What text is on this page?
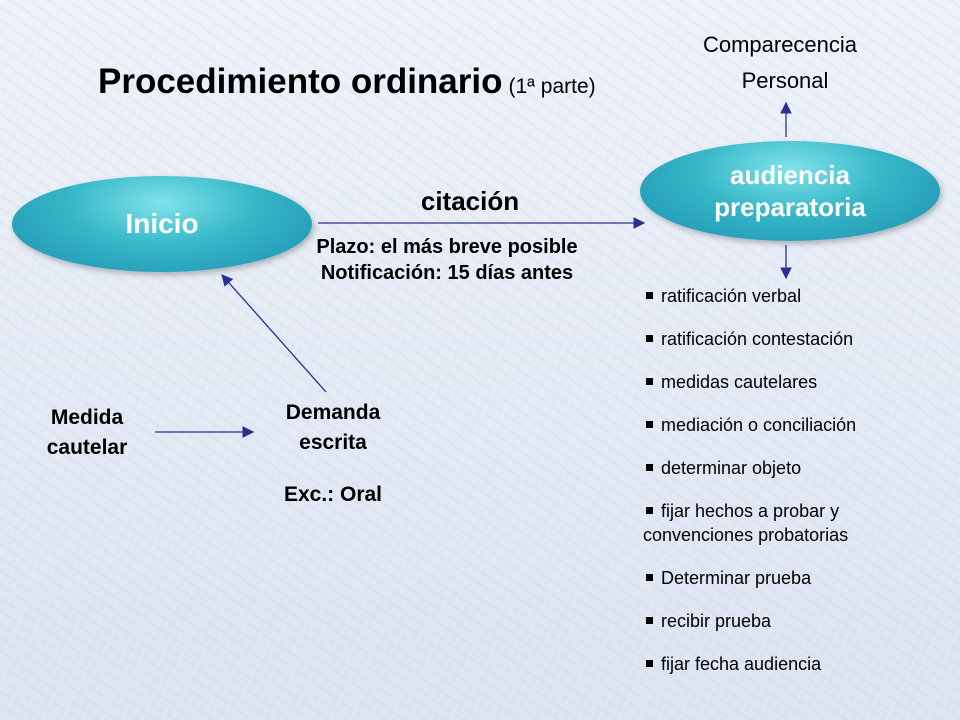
Procedimiento ordinario (1ª parte)
Comparecencia
Personal
Inicio
audiencia
preparatoria
citación
Plazo: el más breve posible
Notificación: 15 días antes
Medida
cautelar
Demanda
escrita
Exc.: Oral
ratificación verbal
ratificación contestación
medidas cautelares
mediación o conciliación
determinar objeto
fijar hechos a probar y convenciones probatorias
Determinar prueba
recibir prueba
fijar fecha audiencia
